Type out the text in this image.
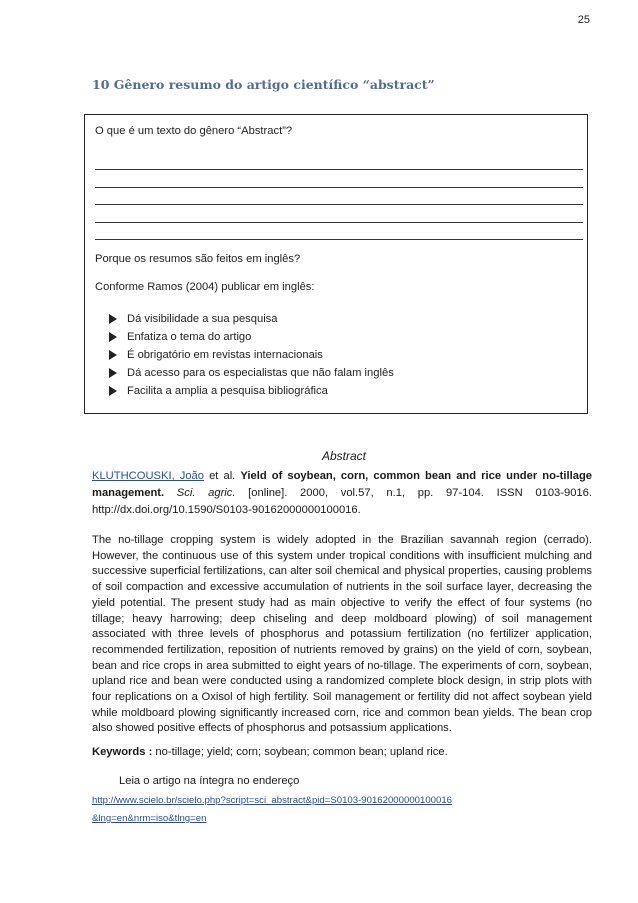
25
10 Gênero resumo do artigo científico “abstract”
O que é um texto do gênero “Abstract”?
Porque os resumos são feitos em inglês?
Conforme Ramos (2004) publicar em inglês:
Dá visibilidade a sua pesquisa
Enfatiza o tema do artigo
É obrigatório em revistas internacionais
Dá acesso para os especialistas que não falam inglês
Facilita a amplia a pesquisa bibliográfica
Abstract
KLUTHCOUSKI, João et al. Yield of soybean, corn, common bean and rice under no-tillage management. Sci. agric. [online]. 2000, vol.57, n.1, pp. 97-104. ISSN 0103-9016. http://dx.doi.org/10.1590/S0103-90162000000100016.
The no-tillage cropping system is widely adopted in the Brazilian savannah region (cerrado). However, the continuous use of this system under tropical conditions with insufficient mulching and successive superficial fertilizations, can alter soil chemical and physical properties, causing problems of soil compaction and excessive accumulation of nutrients in the soil surface layer, decreasing the yield potential. The present study had as main objective to verify the effect of four systems (no tillage; heavy harrowing; deep chiseling and deep moldboard plowing) of soil management associated with three levels of phosphorus and potassium fertilization (no fertilizer application, recommended fertilization, reposition of nutrients removed by grains) on the yield of corn, soybean, bean and rice crops in area submitted to eight years of no-tillage. The experiments of corn, soybean, upland rice and bean were conducted using a randomized complete block design, in strip plots with four replications on a Oxisol of high fertility. Soil management or fertility did not affect soybean yield while moldboard plowing significantly increased corn, rice and common bean yields. The bean crop also showed positive effects of phosphorus and potsassium applications.
Keywords : no-tillage; yield; corn; soybean; common bean; upland rice.
Leia o artigo na íntegra no endereço
http://www.scielo.br/scielo.php?script=sci_abstract&pid=S0103-90162000000100016&lng=en&nrm=iso&tlng=en
